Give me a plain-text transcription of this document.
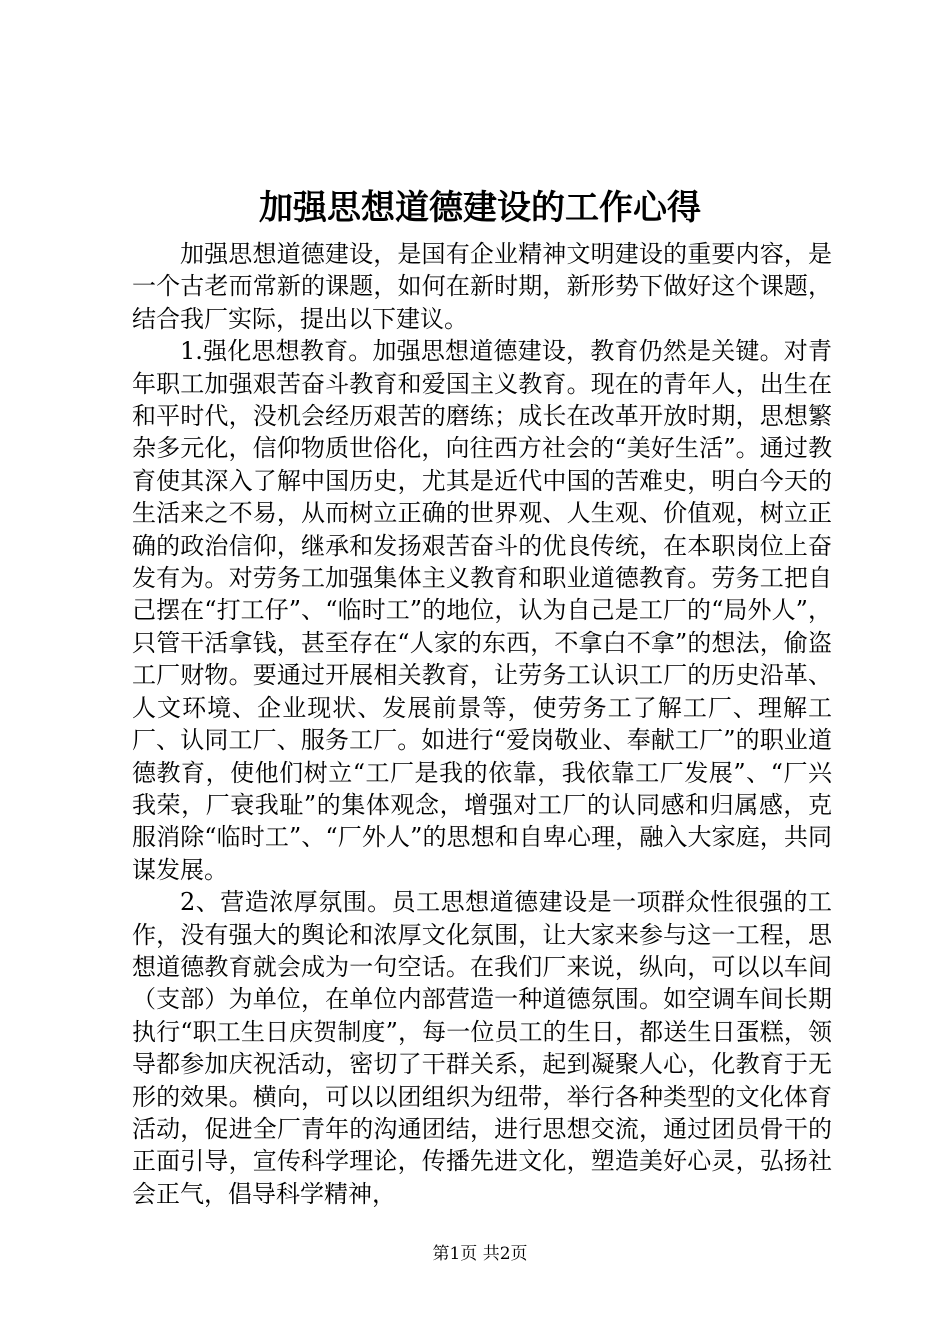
加强思想道德建设的工作心得

加强思想道德建设，是国有企业精神文明建设的重要内容，是一个古老而常新的课题，如何在新时期，新形势下做好这个课题，结合我厂实际，提出以下建议。

1.强化思想教育。加强思想道德建设，教育仍然是关键。对青年职工加强艰苦奋斗教育和爱国主义教育。现在的青年人，出生在和平时代，没机会经历艰苦的磨练；成长在改革开放时期，思想繁杂多元化，信仰物质世俗化，向往西方社会的“美好生活”。通过教育使其深入了解中国历史，尤其是近代中国的苦难史，明白今天的生活来之不易，从而树立正确的世界观、人生观、价值观，树立正确的政治信仰，继承和发扬艰苦奋斗的优良传统，在本职岗位上奋发有为。对劳务工加强集体主义教育和职业道德教育。劳务工把自己摆在“打工仔”、“临时工”的地位，认为自己是工厂的“局外人”，只管干活拿钱，甚至存在“人家的东西，不拿白不拿”的想法，偷盗工厂财物。要通过开展相关教育，让劳务工认识工厂的历史沿革、人文环境、企业现状、发展前景等，使劳务工了解工厂、理解工厂、认同工厂、服务工厂。如进行“爱岗敬业、奉献工厂”的职业道德教育，使他们树立“工厂是我的依靠，我依靠工厂发展”、“厂兴我荣，厂衰我耻”的集体观念，增强对工厂的认同感和归属感，克服消除“临时工”、“厂外人”的思想和自卑心理，融入大家庭，共同谋发展。

2、营造浓厚氛围。员工思想道德建设是一项群众性很强的工作，没有强大的舆论和浓厚文化氛围，让大家来参与这一工程，思想道德教育就会成为一句空话。在我们厂来说，纵向，可以以车间（支部）为单位，在单位内部营造一种道德氛围。如空调车间长期执行“职工生日庆贺制度”，每一位员工的生日，都送生日蛋糕，领导都参加庆祝活动，密切了干群关系，起到凝聚人心，化教育于无形的效果。横向，可以以团组织为纽带，举行各种类型的文化体育活动，促进全厂青年的沟通团结，进行思想交流，通过团员骨干的正面引导，宣传科学理论，传播先进文化，塑造美好心灵，弘扬社会正气，倡导科学精神，

第1页 共2页
